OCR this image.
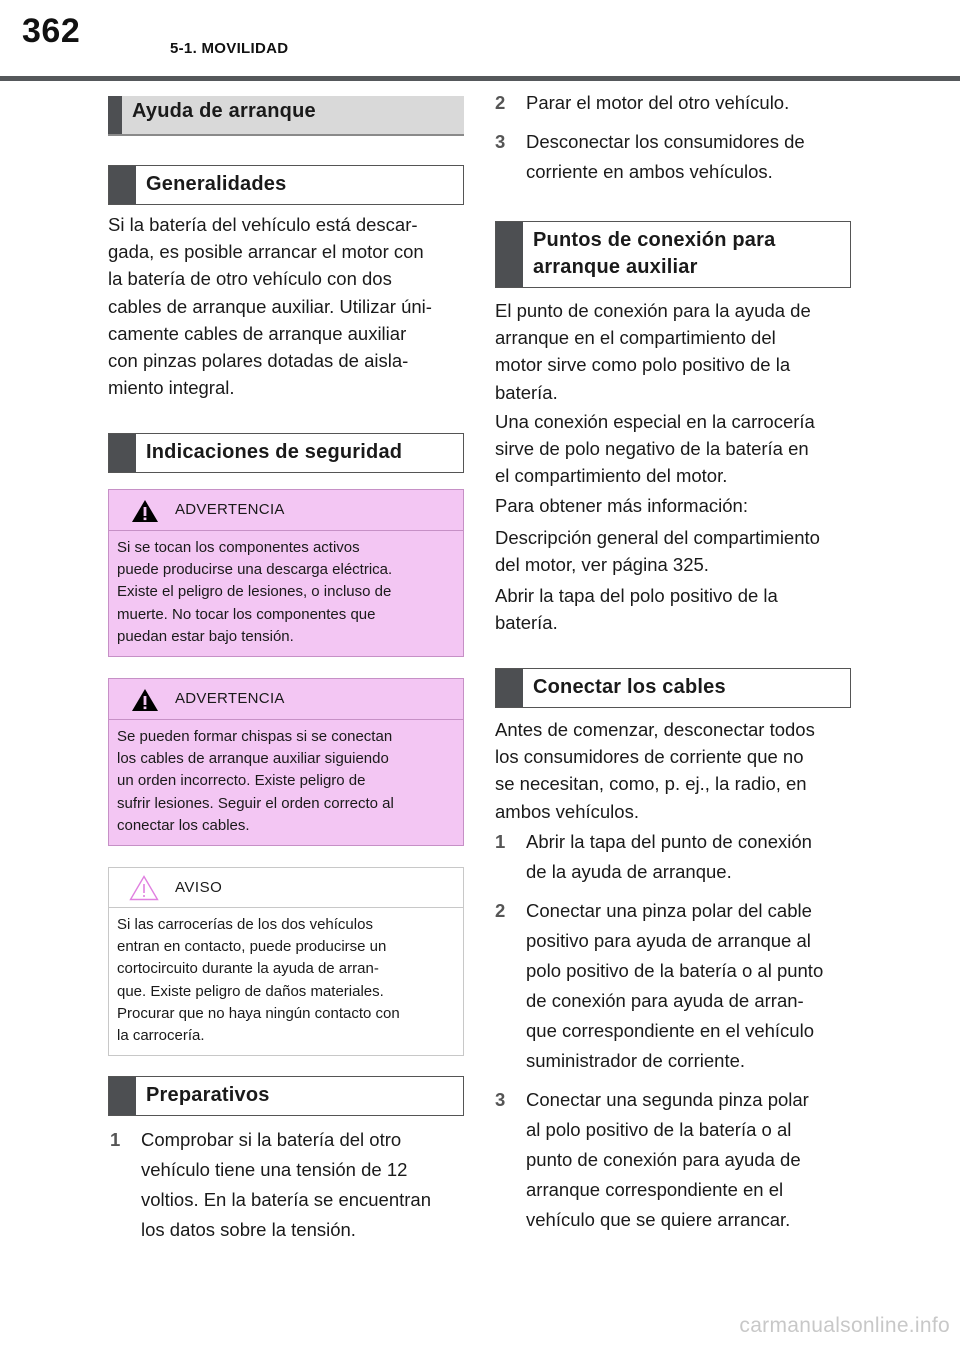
362	5-1. MOVILIDAD
Ayuda de arranque
Generalidades
Si la batería del vehículo está descar-
gada, es posible arrancar el motor con
la batería de otro vehículo con dos
cables de arranque auxiliar. Utilizar úni-
camente cables de arranque auxiliar
con pinzas polares dotadas de aisla-
miento integral.
Indicaciones de seguridad
ADVERTENCIA
Si se tocan los componentes activos
puede producirse una descarga eléctrica.
Existe el peligro de lesiones, o incluso de
muerte. No tocar los componentes que
puedan estar bajo tensión.
ADVERTENCIA
Se pueden formar chispas si se conectan
los cables de arranque auxiliar siguiendo
un orden incorrecto. Existe peligro de
sufrir lesiones. Seguir el orden correcto al
conectar los cables.
AVISO
Si las carrocerías de los dos vehículos
entran en contacto, puede producirse un
cortocircuito durante la ayuda de arran-
que. Existe peligro de daños materiales.
Procurar que no haya ningún contacto con
la carrocería.
Preparativos
1 Comprobar si la batería del otro
vehículo tiene una tensión de 12
voltios. En la batería se encuentran
los datos sobre la tensión.
2 Parar el motor del otro vehículo.
3 Desconectar los consumidores de
corriente en ambos vehículos.
Puntos de conexión para
arranque auxiliar
El punto de conexión para la ayuda de
arranque en el compartimiento del
motor sirve como polo positivo de la
batería.
Una conexión especial en la carrocería
sirve de polo negativo de la batería en
el compartimiento del motor.
Para obtener más información:
Descripción general del compartimiento
del motor, ver página 325.
Abrir la tapa del polo positivo de la
batería.
Conectar los cables
Antes de comenzar, desconectar todos
los consumidores de corriente que no
se necesitan, como, p. ej., la radio, en
ambos vehículos.
1 Abrir la tapa del punto de conexión
de la ayuda de arranque.
2 Conectar una pinza polar del cable
positivo para ayuda de arranque al
polo positivo de la batería o al punto
de conexión para ayuda de arran-
que correspondiente en el vehículo
suministrador de corriente.
3 Conectar una segunda pinza polar
al polo positivo de la batería o al
punto de conexión para ayuda de
arranque correspondiente en el
vehículo que se quiere arrancar.
carmanualsonline.info
